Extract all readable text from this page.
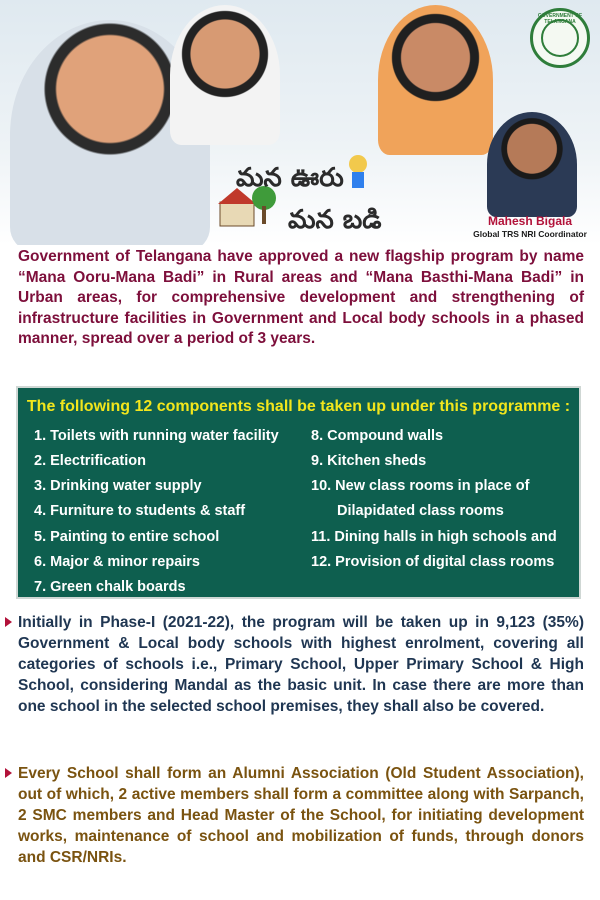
GOVERNMENT OF TELANGANA
మన ఊరు
మన బడి	Mahesh Bigala
Global TRS NRI Coordinator
Government of Telangana have approved a new flagship program by name “Mana Ooru-Mana Badi” in Rural areas and “Mana Basthi-Mana Badi” in Urban areas, for comprehensive development and strengthening of infrastructure facilities in Government and Local body schools in a phased manner, spread over a period of 3 years.
The following 12 components shall be taken up under this programme :
1. Toilets with running water facility
2. Electrification
3. Drinking water supply
4. Furniture to students & staff
5. Painting to entire school
6. Major & minor repairs
7. Green chalk boards
8. Compound walls
9. Kitchen sheds
10. New class rooms in place of
Dilapidated class rooms
11. Dining halls in high schools and
12. Provision of digital class rooms
Initially in Phase-I (2021-22), the program will be taken up in 9,123 (35%) Government & Local body schools with highest enrolment, covering all categories of schools i.e., Primary School, Upper Primary School & High School, considering Mandal as the basic unit. In case there are more than one school in the selected school premises, they shall also be covered.
Every School shall form an Alumni Association (Old Student Association), out of which, 2 active members shall form a committee along with Sarpanch, 2 SMC members and Head Master of the School, for initiating development works, maintenance of school and mobilization of funds, through donors and CSR/NRIs.
